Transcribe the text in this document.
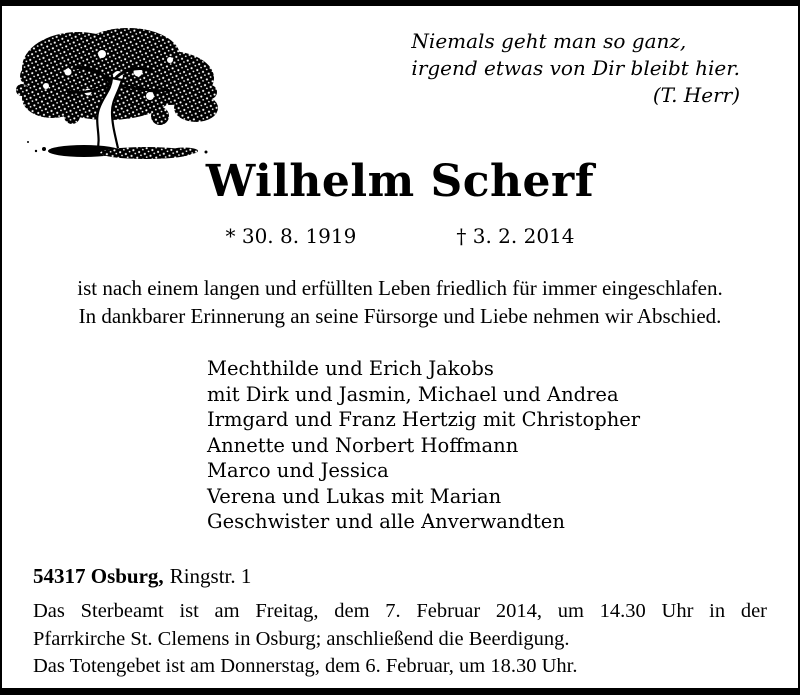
Niemals geht man so ganz,
irgend etwas von Dir bleibt hier.
(T. Herr)
Wilhelm Scherf
* 30. 8. 1919	† 3. 2. 2014
ist nach einem langen und erfüllten Leben friedlich für immer eingeschlafen.
In dankbarer Erinnerung an seine Fürsorge und Liebe nehmen wir Abschied.
Mechthilde und Erich Jakobs
mit Dirk und Jasmin, Michael und Andrea
Irmgard und Franz Hertzig mit Christopher
Annette und Norbert Hoffmann
Marco und Jessica
Verena und Lukas mit Marian
Geschwister und alle Anverwandten
54317 Osburg, Ringstr. 1
Das Sterbeamt ist am Freitag, dem 7. Februar 2014, um 14.30 Uhr in der
Pfarrkirche St. Clemens in Osburg; anschließend die Beerdigung.
Das Totengebet ist am Donnerstag, dem 6. Februar, um 18.30 Uhr.
